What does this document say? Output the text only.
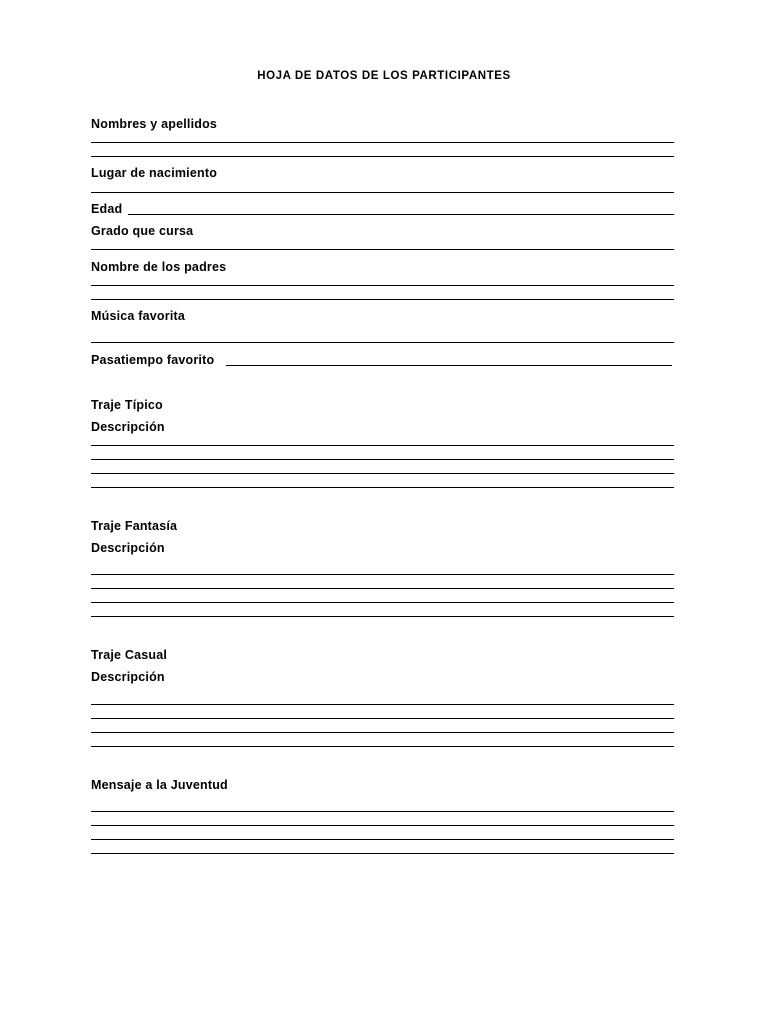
HOJA DE DATOS DE LOS PARTICIPANTES
Nombres y apellidos
Lugar de nacimiento
Edad
Grado que cursa
Nombre de los padres
Música favorita
Pasatiempo favorito
Traje Típico
Descripción
Traje Fantasía
Descripción
Traje Casual
Descripción
Mensaje a la Juventud
